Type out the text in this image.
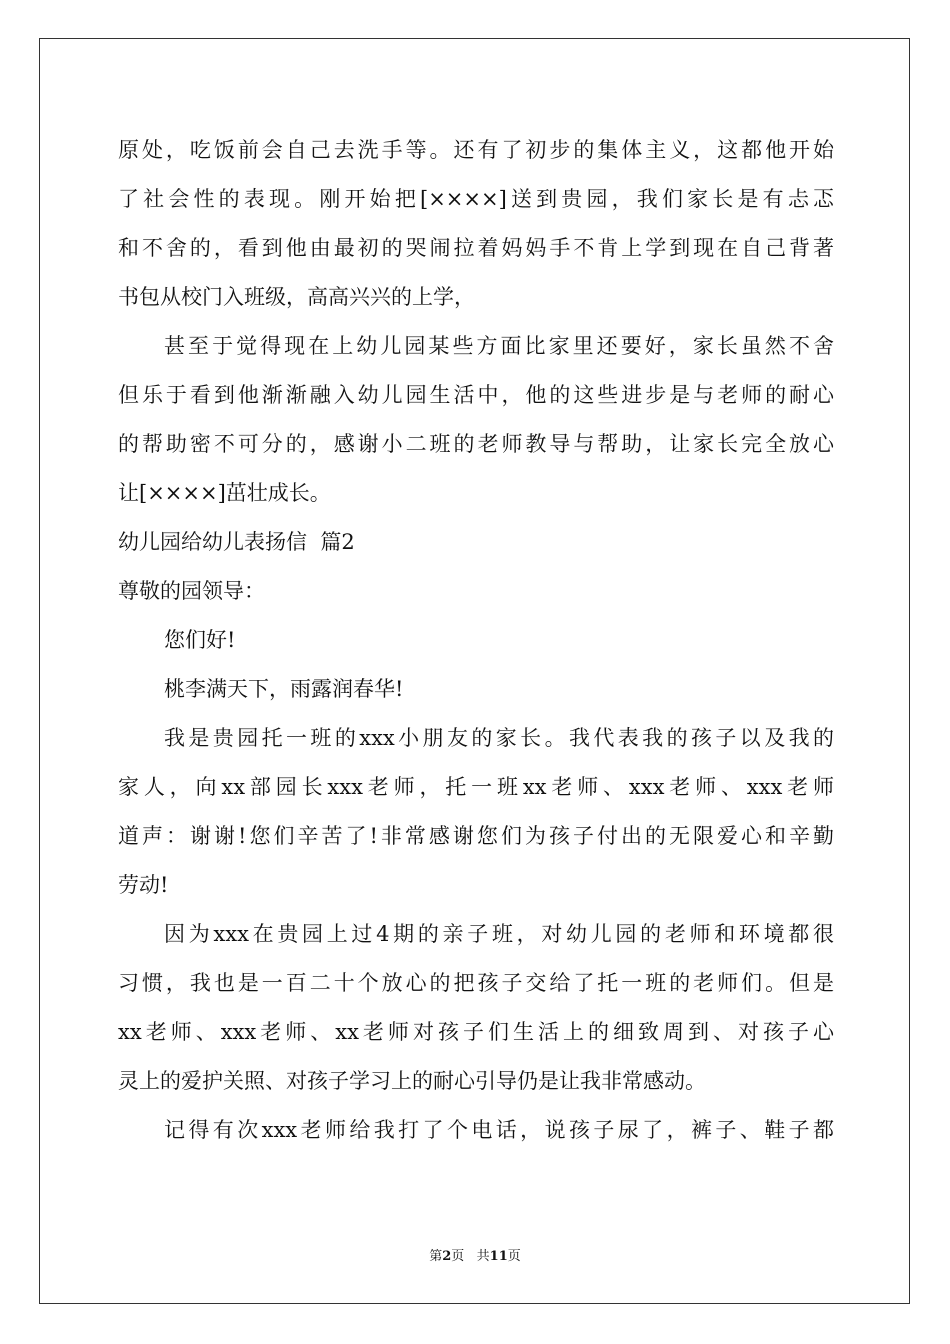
原处，吃饭前会自己去洗手等。还有了初步的集体主义，这都他开始
了社会性的表现。刚开始把[××××]送到贵园，我们家长是有忐忑
和不舍的，看到他由最初的哭闹拉着妈妈手不肯上学到现在自己背著
书包从校门入班级，高高兴兴的上学，
甚至于觉得现在上幼儿园某些方面比家里还要好，家长虽然不舍
但乐于看到他渐渐融入幼儿园生活中，他的这些进步是与老师的耐心
的帮助密不可分的，感谢小二班的老师教导与帮助，让家长完全放心
让[××××]茁壮成长。
幼儿园给幼儿表扬信  篇2
尊敬的园领导：
您们好!
桃李满天下，雨露润春华!
我是贵园托一班的xxx小朋友的家长。我代表我的孩子以及我的
家人，向xx部园长xxx老师，托一班xx老师、xxx老师、xxx老师
道声：谢谢!您们辛苦了!非常感谢您们为孩子付出的无限爱心和辛勤
劳动!
因为xxx在贵园上过4期的亲子班，对幼儿园的老师和环境都很
习惯，我也是一百二十个放心的把孩子交给了托一班的老师们。但是
xx老师、xxx老师、xx老师对孩子们生活上的细致周到、对孩子心
灵上的爱护关照、对孩子学习上的耐心引导仍是让我非常感动。
记得有次xxx老师给我打了个电话，说孩子尿了，裤子、鞋子都
第2页   共11页
